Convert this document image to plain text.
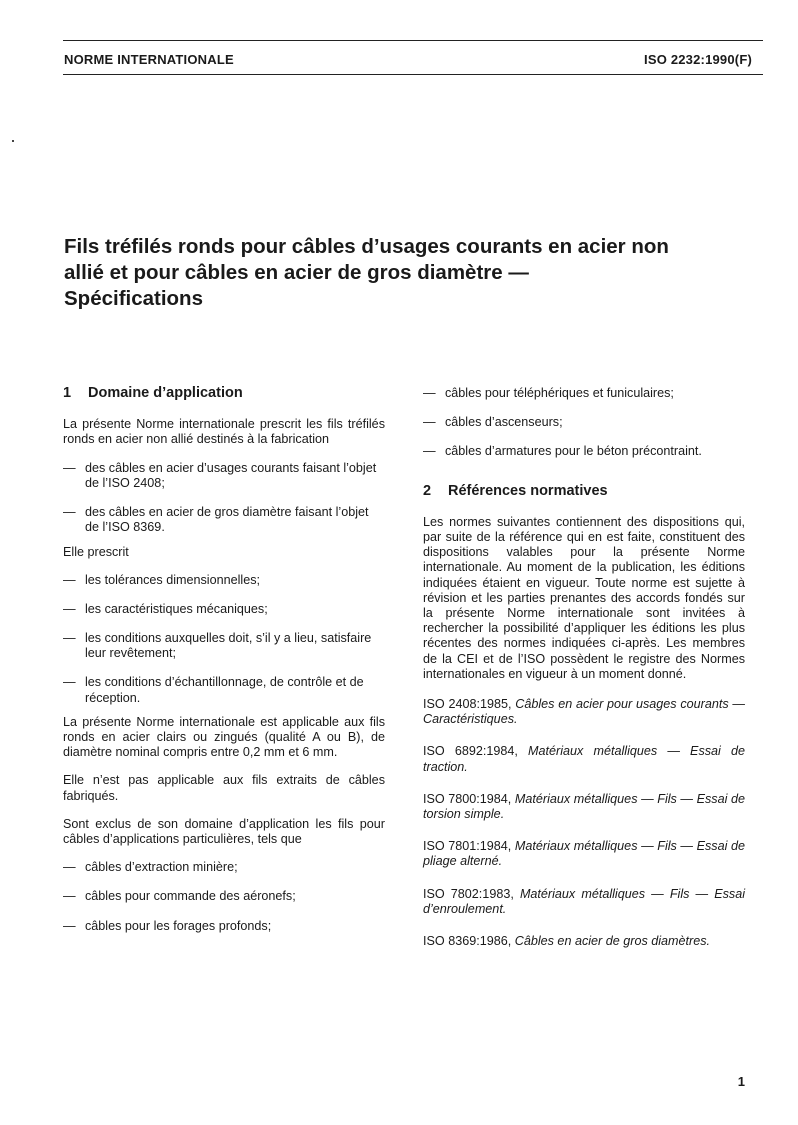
NORME INTERNATIONALE	ISO 2232:1990(F)
Fils tréfilés ronds pour câbles d’usages courants en acier non
allié et pour câbles en acier de gros diamètre —
Spécifications
1 Domaine d’application

La présente Norme internationale prescrit les fils tréfilés ronds en acier non allié destinés à la fabrication

— des câbles en acier d’usages courants faisant l’objet de l’ISO 2408;
— des câbles en acier de gros diamètre faisant l’objet de l’ISO 8369.

Elle prescrit

— les tolérances dimensionnelles;
— les caractéristiques mécaniques;
— les conditions auxquelles doit, s’il y a lieu, satisfaire leur revêtement;
— les conditions d’échantillonnage, de contrôle et de réception.

La présente Norme internationale est applicable aux fils ronds en acier clairs ou zingués (qualité A ou B), de diamètre nominal compris entre 0,2 mm et 6 mm.

Elle n’est pas applicable aux fils extraits de câbles fabriqués.

Sont exclus de son domaine d’application les fils pour câbles d’applications particulières, tels que

— câbles d’extraction minière;
— câbles pour commande des aéronefs;
— câbles pour les forages profonds;
— câbles pour téléphériques et funiculaires;
— câbles d’ascenseurs;
— câbles d’armatures pour le béton précontraint.
2 Références normatives

Les normes suivantes contiennent des dispositions qui, par suite de la référence qui en est faite, constituent des dispositions valables pour la présente Norme internationale. Au moment de la publication, les éditions indiquées étaient en vigueur. Toute norme est sujette à révision et les parties prenantes des accords fondés sur la présente Norme internationale sont invitées à rechercher la possibilité d’appliquer les éditions les plus récentes des normes indiquées ci-après. Les membres de la CEI et de l’ISO possèdent le registre des Normes internationales en vigueur à un moment donné.

ISO 2408:1985, Câbles en acier pour usages courants — Caractéristiques.
ISO 6892:1984, Matériaux métalliques — Essai de traction.
ISO 7800:1984, Matériaux métalliques — Fils — Essai de torsion simple.
ISO 7801:1984, Matériaux métalliques — Fils — Essai de pliage alterné.
ISO 7802:1983, Matériaux métalliques — Fils — Essai d’enroulement.
ISO 8369:1986, Câbles en acier de gros diamètres.
1
